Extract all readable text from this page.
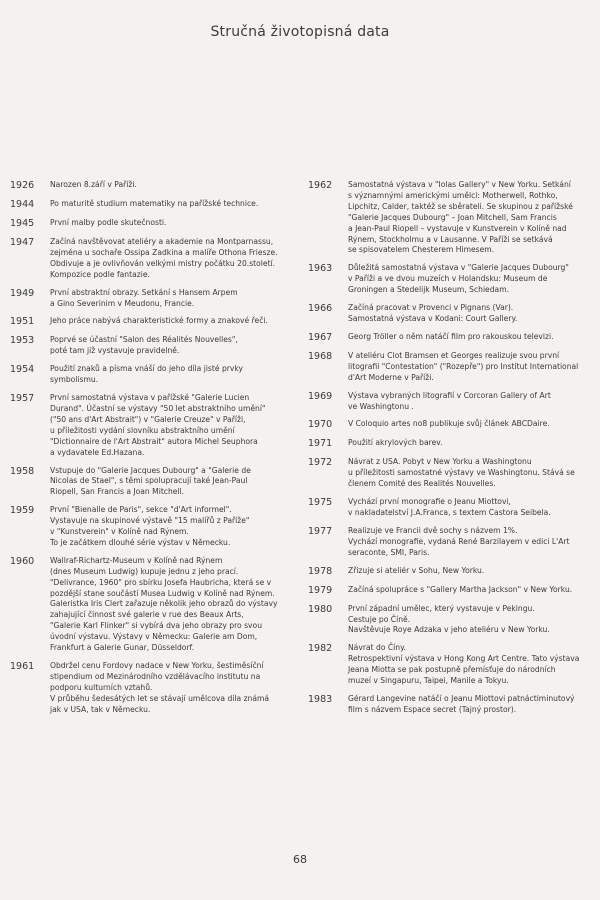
Stručná životopisná data
1926	Narozen 8.září v Paříži.
1944	Po maturitě studium matematiky na pařížské technice.
1945	První malby podle skutečnosti.
1947	Začíná navštěvovat ateliéry a akademie na Montparnassu,
zejména u sochaře Ossipa Zadkina a malíře Othona Friesze.
Obdivuje a je ovlivňován velkými mistry počátku 20.století.
Kompozice podle fantazie.
1949	První abstraktní obrazy. Setkání s Hansem Arpem
a Gino Severinim v Meudonu, Francie.
1951	Jeho práce nabývá charakteristické formy a znakové řeči.
1953	Poprvé se účastní "Salon des Réalités Nouvelles",
poté tam již vystavuje pravidelně.
1954	Použití znaků a písma vnáší do jeho díla jisté prvky
symbolismu.
1957	První samostatná výstava v pařížské "Galerie Lucien
Durand". Účastní se výstavy "50 let abstraktního umění"
("50 ans d'Art Abstrait") v "Galerie Creuze" v Paříži,
u příležitosti vydání slovníku abstraktního umění
"Dictionnaire de l'Art Abstrait" autora Michel Seuphora
a vydavatele Ed.Hazana.
1958	Vstupuje do "Galerie Jacques Dubourg" a "Galerie de
Nicolas de Stael", s těmi spolupracují také Jean-Paul
Riopell, San Francis a Joan Mitchell.
1959	První "Bienalle de Paris", sekce "d'Art informel".
Vystavuje na skupinové výstavě "15 malířů z Paříže"
v "Kunstverein" v Kolíně nad Rýnem.
To je začátkem dlouhé série výstav v Německu.
1960	Wallraf-Richartz-Museum v Kolíně nad Rýnem
(dnes Museum Ludwig) kupuje jednu z jeho prací.
"Delivrance, 1960" pro sbírku Josefa Haubricha, která se v
pozdější stane součástí Musea Ludwig v Kolíně nad Rýnem.
Galeristka Iris Clert zařazuje několik jeho obrazů do výstavy
zahajující činnost své galerie v rue des Beaux Arts,
"Galerie Karl Flinker" si vybírá dva jeho obrazy pro svou
úvodní výstavu. Výstavy v Německu: Galerie am Dom,
Frankfurt a Galerie Gunar, Düsseldorf.
1961	Obdržel cenu Fordovy nadace v New Yorku, šestiměsíční
stipendium od Mezinárodního vzdělávacího institutu na
podporu kulturních vztahů.
V průběhu šedesátých let se stávají umělcova díla známá
jak v USA, tak v Německu.
1962	Samostatná výstava v "Iolas Gallery" v New Yorku. Setkání
s významnými americkými umělci: Motherwell, Rothko,
Lipchitz, Calder, taktéž se sběrateli. Se skupinou z pařížské
"Galerie Jacques Dubourg" – Joan Mitchell, Sam Francis
a Jean-Paul Riopell – vystavuje v Kunstverein v Kolíně nad
Rýnem, Stockholmu a v Lausanne. V Paříži se setkává
se spisovatelem Chesterem Himesem.
1963	Důležitá samostatná výstava v "Galerie Jacques Dubourg"
v Paříži a ve dvou muzeích v Holandsku: Museum de
Groningen a Stedelijk Museum, Schiedam.
1966	Začíná pracovat v Provenci v Pignans (Var).
Samostatná výstava v Kodani: Court Gallery.
1967	Georg Tröller o něm natáčí film pro rakouskou televizi.
1968	V ateliéru Clot Bramsen et Georges realizuje svou první
litografii "Contestation" ("Rozepře") pro Institut International
d'Art Moderne v Paříži.
1969	Výstava vybraných litografií v Corcoran Gallery of Art
ve Washingtonu .
1970	V Coloquio artes no8 publikuje svůj článek ABCDaire.
1971	Použití akrylových barev.
1972	Návrat z USA. Pobyt v New Yorku a Washingtonu
u příležitosti samostatné výstavy ve Washingtonu. Stává se
členem Comité des Realités Nouvelles.
1975	Vychází první monografie o Jeanu Miottovi,
v nakladatelství J.A.Franca, s textem Castora Seibela.
1977	Realizuje ve Francii dvě sochy s názvem 1%.
Vychází monografie, vydaná René Barzilayem v edici L'Art
seraconte, SMI, Paris.
1978	Zřizuje si ateliér v Sohu, New Yorku.
1979	Začíná spolupráce s "Gallery Martha Jackson" v New Yorku.
1980	První západní umělec, který vystavuje v Pekingu.
Cestuje po Číně.
Navštěvuje Roye Adzaka v jeho ateliéru v New Yorku.
1982	Návrat do Číny.
Retrospektivní výstava v Hong Kong Art Centre. Tato výstava
Jeana Miotta se pak postupně přemísťuje do národních
muzeí v Singapuru, Taipei, Manile a Tokyu.
1983	Gérard Langevine natáčí o Jeanu Miottovi patnáctiminutový
film s názvem Espace secret (Tajný prostor).
68
